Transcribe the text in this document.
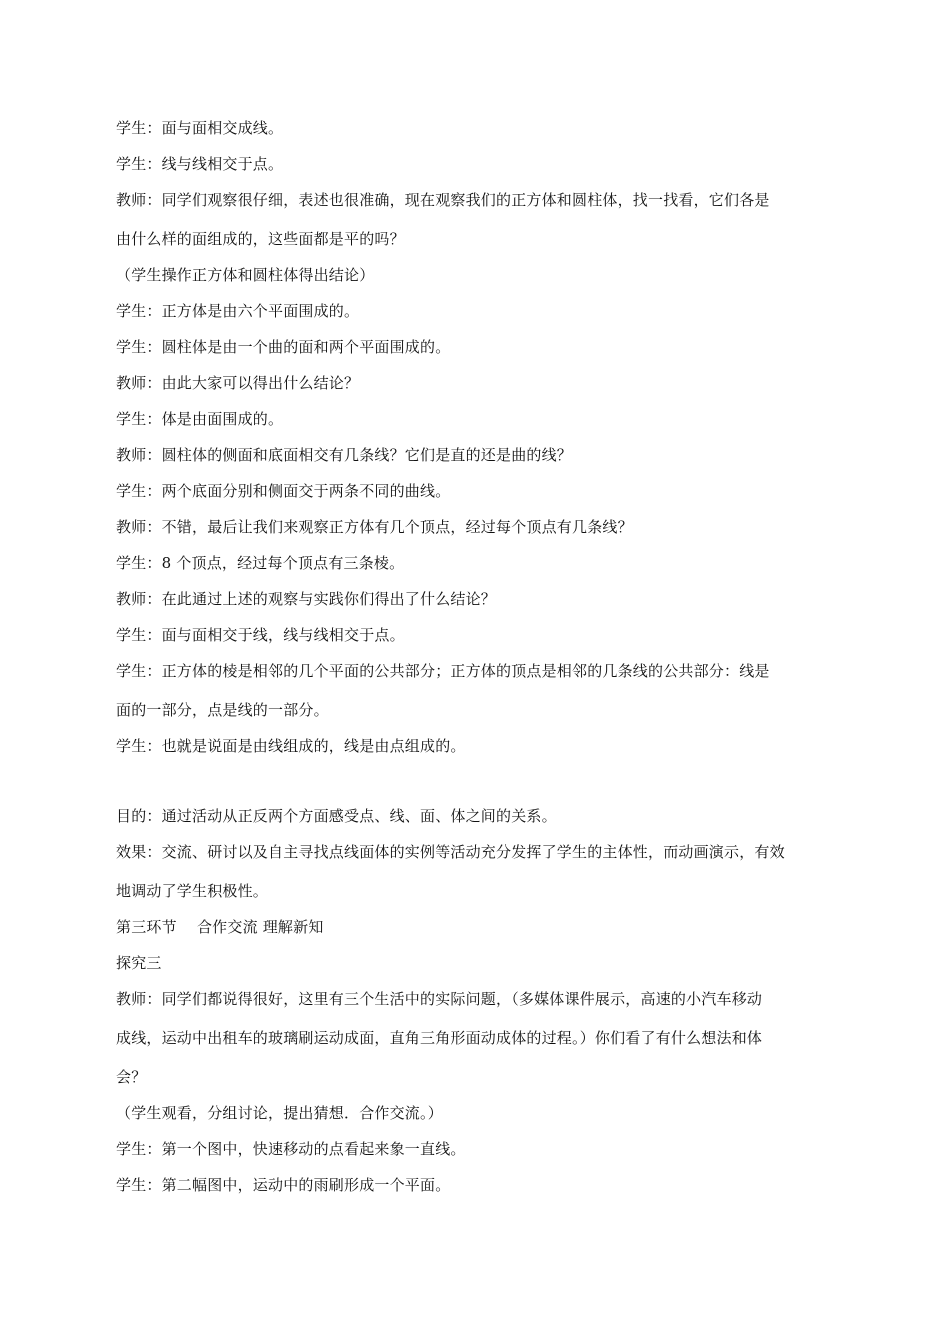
学生：面与面相交成线。

学生：线与线相交于点。

教师：同学们观察很仔细，表述也很准确，现在观察我们的正方体和圆柱体，找一找看，它们各是

由什么样的面组成的，这些面都是平的吗？

（学生操作正方体和圆柱体得出结论）

学生：正方体是由六个平面围成的。

学生：圆柱体是由一个曲的面和两个平面围成的。

教师：由此大家可以得出什么结论？

学生：体是由面围成的。

教师：圆柱体的侧面和底面相交有几条线？它们是直的还是曲的线？

学生：两个底面分别和侧面交于两条不同的曲线。

教师：不错，最后让我们来观察正方体有几个顶点，经过每个顶点有几条线？

学生：8 个顶点，经过每个顶点有三条棱。

教师：在此通过上述的观察与实践你们得出了什么结论？

学生：面与面相交于线，线与线相交于点。

学生：正方体的棱是相邻的几个平面的公共部分；正方体的顶点是相邻的几条线的公共部分：线是

面的一部分，点是线的一部分。

学生：也就是说面是由线组成的，线是由点组成的。

目的：通过活动从正反两个方面感受点、线、面、体之间的关系。

效果：交流、研讨以及自主寻找点线面体的实例等活动充分发挥了学生的主体性，而动画演示，有效

地调动了学生积极性。

第三环节　 合作交流 理解新知

探究三

教师：同学们都说得很好，这里有三个生活中的实际问题，（多媒体课件展示，高速的小汽车移动

成线，运动中出租车的玻璃刷运动成面，直角三角形面动成体的过程。）你们看了有什么想法和体

会？

（学生观看，分组讨论，提出猜想．合作交流。）

学生：第一个图中，快速移动的点看起来象一直线。

学生：第二幅图中，运动中的雨刷形成一个平面。
